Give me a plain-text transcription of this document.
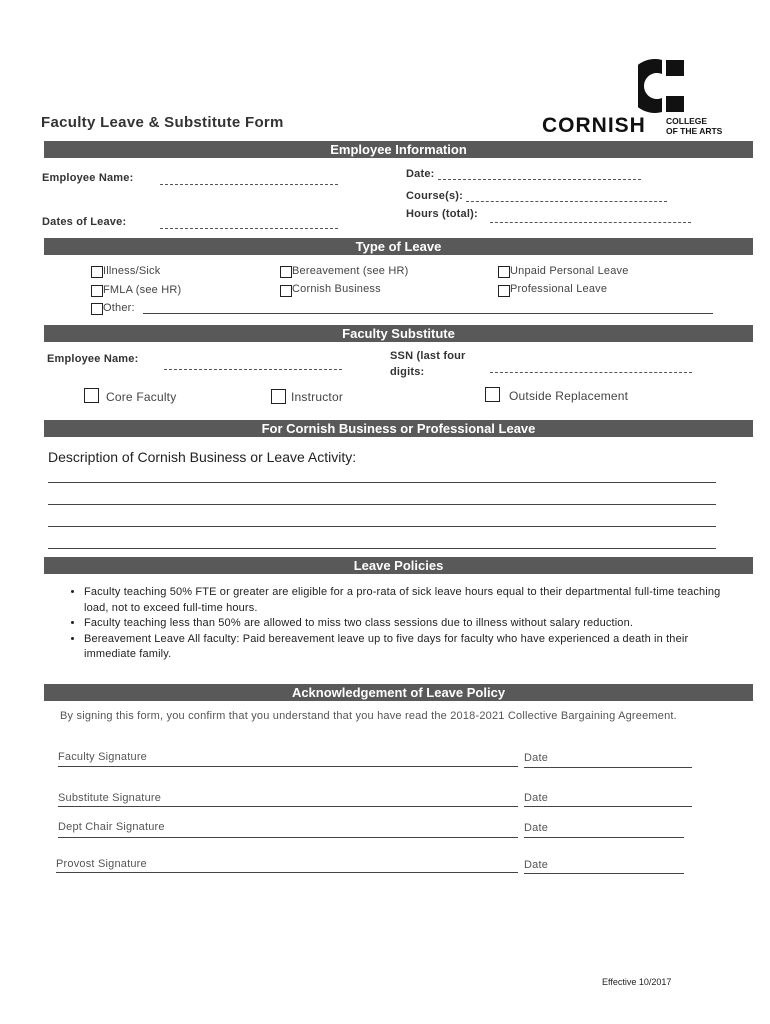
Faculty Leave & Substitute Form	CORNISH COLLEGE
OF THE ARTS
Employee Information
Employee Name:	Date:
Course(s):
Hours (total):
Dates of Leave:
Type of Leave
Illness/Sick	Bereavement (see HR)	Unpaid Personal Leave
FMLA (see HR)	Cornish Business	Professional Leave
Other:
Faculty Substitute
Employee Name:	SSN (last four
digits:
Core Faculty	Instructor	Outside Replacement
For Cornish Business or Professional Leave
Description of Cornish Business or Leave Activity:
Leave Policies
• Faculty teaching 50% FTE or greater are eligible for a pro-rata of sick leave hours equal to their departmental full-time teaching load, not to exceed full-time hours.
• Faculty teaching less than 50% are allowed to miss two class sessions due to illness without salary reduction.
• Bereavement Leave All faculty: Paid bereavement leave up to five days for faculty who have experienced a death in their immediate family.
Acknowledgement of Leave Policy
By signing this form, you confirm that you understand that you have read the 2018-2021 Collective Bargaining Agreement.
Faculty Signature	Date
Substitute Signature	Date
Dept Chair Signature	Date
Provost Signature	Date
Effective 10/2017
